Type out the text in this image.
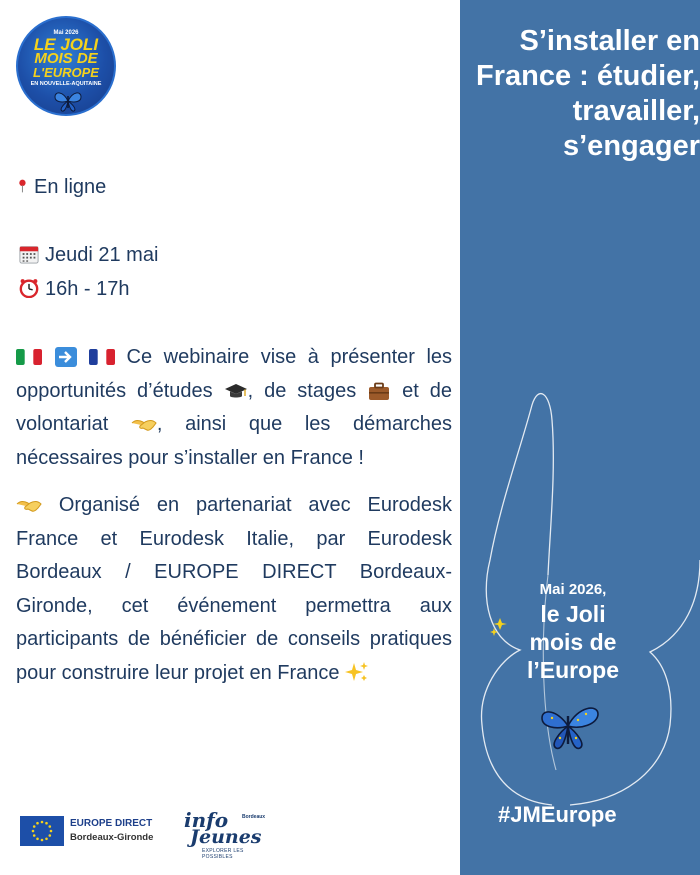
Mai 2026
LE JOLI
MOIS DE
L'EUROPE
EN NOUVELLE-AQUITAINE
En ligne
Jeudi 21 mai
16h - 17h

Ce webinaire vise à présenter les opportunités d’études , de stages et de volontariat , ainsi que les démarches nécessaires pour s’installer en France !

Organisé en partenariat avec Eurodesk France et Eurodesk Italie, par Eurodesk Bordeaux / EUROPE DIRECT Bordeaux-Gironde, cet événement permettra aux participants de bénéficier de conseils pratiques pour construire leur projet en France

EUROPE DIRECT
Bordeaux-Gironde
info	Bordeaux
Jeunes
EXPLORER LES POSSIBLES
S’installer en
France : étudier,
travailler,
s’engager
Mai 2026,
le Joli
mois de
l’Europe
#JMEurope
